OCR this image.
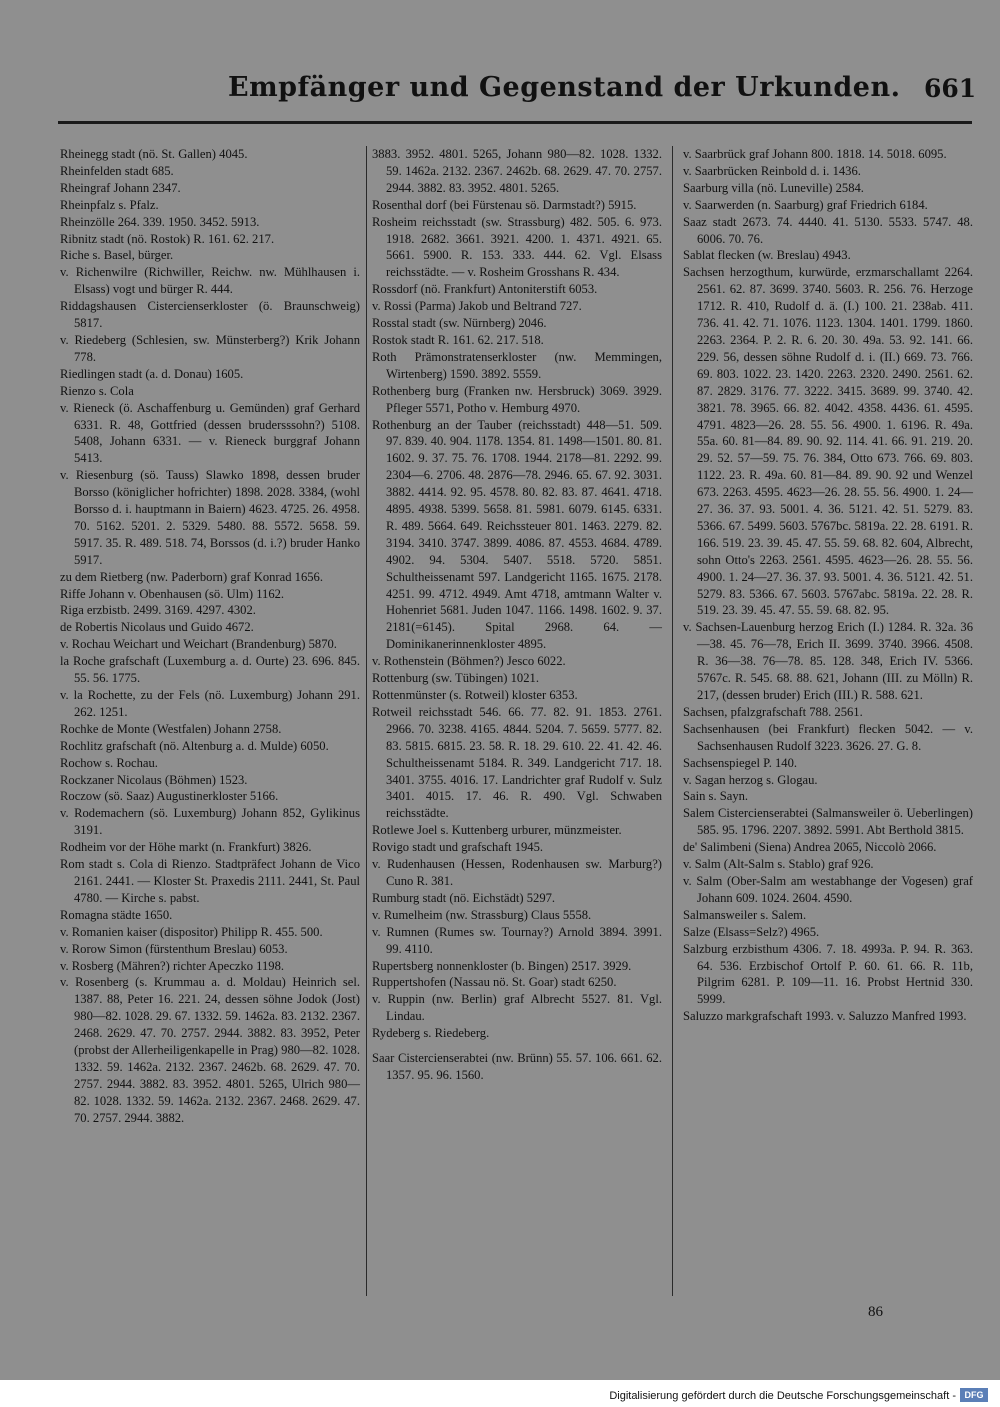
Empfänger und Gegenstand der Urkunden. 661
Rheinegg stadt (nö. St. Gallen) 4045.
Rheinfelden stadt 685.
Rheingraf Johann 2347.
Rheinpfalz s. Pfalz.
Rheinzölle 264. 339. 1950. 3452. 5913.
Ribnitz stadt (nö. Rostok) R. 161. 62. 217.
Riche s. Basel, bürger.
v. Richenwilre (Richwiller, Reichw. nw. Mühlhausen i. Elsass) vogt und bürger R. 444.
Riddagshausen Cistercienserkloster (ö. Braunschweig) 5817.
v. Riedeberg (Schlesien, sw. Münsterberg?) Krik Johann 778.
Riedlingen stadt (a. d. Donau) 1605.
Rienzo s. Cola
v. Rieneck (ö. Aschaffenburg u. Gemünden) graf Gerhard 6331. R. 48, Gottfried (dessen brudersssohn?) 5108. 5408, Johann 6331. — v. Rieneck burggraf Johann 5413.
v. Riesenburg (sö. Tauss) Slawko 1898, dessen bruder Borsso (königlicher hofrichter) 1898. 2028. 3384, (wohl Borsso d. i. hauptmann in Baiern) 4623. 4725. 26. 4958. 70. 5162. 5201. 2. 5329. 5480. 88. 5572. 5658. 59. 5917. 35. R. 489. 518. 74, Borssos (d. i.?) bruder Hanko 5917.
zu dem Rietberg (nw. Paderborn) graf Konrad 1656.
Riffe Johann v. Obenhausen (sö. Ulm) 1162.
Riga erzbistb. 2499. 3169. 4297. 4302.
de Robertis Nicolaus und Guido 4672.
v. Rochau Weichart und Weichart (Brandenburg) 5870.
la Roche grafschaft (Luxemburg a. d. Ourte) 23. 696. 845. 55. 56. 1775.
v. la Rochette, zu der Fels (nö. Luxemburg) Johann 291. 262. 1251.
Rochke de Monte (Westfalen) Johann 2758.
Rochlitz grafschaft (nö. Altenburg a. d. Mulde) 6050.
Rochow s. Rochau.
Rockzaner Nicolaus (Böhmen) 1523.
Roczow (sö. Saaz) Augustinerkloster 5166.
v. Rodemachern (sö. Luxemburg) Johann 852, Gylikinus 3191.
Rodheim vor der Höhe markt (n. Frankfurt) 3826.
Rom stadt s. Cola di Rienzo. Stadtpräfect Johann de Vico 2161. 2441. — Kloster St. Praxedis 2111. 2441, St. Paul 4780. — Kirche s. pabst.
Romagna städte 1650.
v. Romanien kaiser (dispositor) Philipp R. 455. 500.
v. Rorow Simon (fürstenthum Breslau) 6053.
v. Rosberg (Mähren?) richter Apeczko 1198.
v. Rosenberg (s. Krummau a. d. Moldau) Heinrich sel. 1387. 88, Peter 16. 221. 24, dessen söhne Jodok (Jost) 980—82. 1028. 29. 67. 1332. 59. 1462a. 83. 2132. 2367. 2468. 2629. 47. 70. 2757. 2944. 3882. 83. 3952, Peter (probst der Allerheiligenkapelle in Prag) 980—82. 1028. 1332. 59. 1462a. 2132. 2367. 2462b. 68. 2629. 47. 70. 2757. 2944. 3882. 83. 3952. 4801. 5265, Ulrich 980—82. 1028. 1332. 59. 1462a. 2132. 2367. 2468. 2629. 47. 70. 2757. 2944. 3882.
3883. 3952. 4801. 5265, Johann 980—82. 1028. 1332. 59. 1462a. 2132. 2367. 2462b. 68. 2629. 47. 70. 2757. 2944. 3882. 83. 3952. 4801. 5265.
Rosenthal dorf (bei Fürstenau sö. Darmstadt?) 5915.
Rosheim reichsstadt (sw. Strassburg) 482. 505. 6. 973. 1918. 2682. 3661. 3921. 4200. 1. 4371. 4921. 65. 5661. 5900. R. 153. 333. 444. 62. Vgl. Elsass reichsstädte. — v. Rosheim Grosshans R. 434.
Rossdorf (nö. Frankfurt) Antoniterstift 6053.
v. Rossi (Parma) Jakob und Beltrand 727.
Rosstal stadt (sw. Nürnberg) 2046.
Rostok stadt R. 161. 62. 217. 518.
Roth Prämonstratenserkloster (nw. Memmingen, Wirtenberg) 1590. 3892. 5559.
Rothenberg burg (Franken nw. Hersbruck) 3069. 3929. Pfleger 5571, Potho v. Hemburg 4970.
Rothenburg an der Tauber (reichsstadt) 448—51. 509. 97. 839. 40. 904. 1178. 1354. 81. 1498—1501. 80. 81. 1602. 9. 37. 75. 76. 1708. 1944. 2178—81. 2292. 99. 2304—6. 2706. 48. 2876—78. 2946. 65. 67. 92. 3031. 3882. 4414. 92. 95. 4578. 80. 82. 83. 87. 4641. 4718. 4895. 4938. 5399. 5658. 81. 5981. 6079. 6145. 6331. R. 489. 5664. 649. Reichssteuer 801. 1463. 2279. 82. 3194. 3410. 3747. 3899. 4086. 87. 4553. 4684. 4789. 4902. 94. 5304. 5407. 5518. 5720. 5851. Schultheissenamt 597. Landgericht 1165. 1675. 2178. 4251. 99. 4712. 4949. Amt 4718, amtmann Walter v. Hohenriet 5681. Juden 1047. 1166. 1498. 1602. 9. 37. 2181(=6145). Spital 2968. 64. — Dominikanerinnenkloster 4895.
v. Rothenstein (Böhmen?) Jesco 6022.
Rottenburg (sw. Tübingen) 1021.
Rottenmünster (s. Rotweil) kloster 6353.
Rotweil reichsstadt 546. 66. 77. 82. 91. 1853. 2761. 2966. 70. 3238. 4165. 4844. 5204. 7. 5659. 5777. 82. 83. 5815. 6815. 23. 58. R. 18. 29. 610. 22. 41. 42. 46. Schultheissenamt 5184. R. 349. Landgericht 717. 18. 3401. 3755. 4016. 17. Landrichter graf Rudolf v. Sulz 3401. 4015. 17. 46. R. 490. Vgl. Schwaben reichsstädte.
Rotlewe Joel s. Kuttenberg urburer, münzmeister.
Rovigo stadt und grafschaft 1945.
v. Rudenhausen (Hessen, Rodenhausen sw. Marburg?) Cuno R. 381.
Rumburg stadt (nö. Eichstädt) 5297.
v. Rumelheim (nw. Strassburg) Claus 5558.
v. Rumnen (Rumes sw. Tournay?) Arnold 3894. 3991. 99. 4110.
Rupertsberg nonnenkloster (b. Bingen) 2517. 3929.
Ruppertshofen (Nassau nö. St. Goar) stadt 6250.
v. Ruppin (nw. Berlin) graf Albrecht 5527. 81. Vgl. Lindau.
Rydeberg s. Riedeberg.
Saar Cistercienserabtei (nw. Brünn) 55. 57. 106. 661. 62. 1357. 95. 96. 1560.
v. Saarbrück graf Johann 800. 1818. 14. 5018. 6095.
v. Saarbrücken Reinbold d. i. 1436.
Saarburg villa (nö. Luneville) 2584.
v. Saarwerden (n. Saarburg) graf Friedrich 6184.
Saaz stadt 2673. 74. 4440. 41. 5130. 5533. 5747. 48. 6006. 70. 76.
Sablat flecken (w. Breslau) 4943.
Sachsen herzogthum, kurwürde, erzmarschallamt 2264. 2561. 62. 87. 3699. 3740. 5603. R. 256. 76. Herzoge 1712. R. 410, Rudolf d. ä. (I.) 100. 21. 238ab. 411. 736. 41. 42. 71. 1076. 1123. 1304. 1401. 1799. 1860. 2263. 2364. P. 2. R. 6. 20. 30. 49a. 53. 92. 141. 66. 229. 56, dessen söhne Rudolf d. i. (II.) 669. 73. 766. 69. 803. 1022. 23. 1420. 2263. 2320. 2490. 2561. 62. 87. 2829. 3176. 77. 3222. 3415. 3689. 99. 3740. 42. 3821. 78. 3965. 66. 82. 4042. 4358. 4436. 61. 4595. 4791. 4823—26. 28. 55. 56. 4900. 1. 6196. R. 49a. 55a. 60. 81—84. 89. 90. 92. 114. 41. 66. 91. 219. 20. 29. 52. 57—59. 75. 76. 384, Otto 673. 766. 69. 803. 1122. 23. R. 49a. 60. 81—84. 89. 90. 92 und Wenzel 673. 2263. 4595. 4623—26. 28. 55. 56. 4900. 1. 24—27. 36. 37. 93. 5001. 4. 36. 5121. 42. 51. 5279. 83. 5366. 67. 5499. 5603. 5767bc. 5819a. 22. 28. 6191. R. 166. 519. 23. 39. 45. 47. 55. 59. 68. 82. 604, Albrecht, sohn Otto's 2263. 2561. 4595. 4623—26. 28. 55. 56. 4900. 1. 24—27. 36. 37. 93. 5001. 4. 36. 5121. 42. 51. 5279. 83. 5366. 67. 5603. 5767abc. 5819a. 22. 28. R. 519. 23. 39. 45. 47. 55. 59. 68. 82. 95.
v. Sachsen-Lauenburg herzog Erich (I.) 1284. R. 32a. 36—38. 45. 76—78, Erich II. 3699. 3740. 3966. 4508. R. 36—38. 76—78. 85. 128. 348, Erich IV. 5366. 5767c. R. 545. 68. 88. 621, Johann (III. zu Mölln) R. 217, (dessen bruder) Erich (III.) R. 588. 621.
Sachsen, pfalzgrafschaft 788. 2561.
Sachsenhausen (bei Frankfurt) flecken 5042. — v. Sachsenhausen Rudolf 3223. 3626. 27. G. 8.
Sachsenspiegel P. 140.
v. Sagan herzog s. Glogau.
Sain s. Sayn.
Salem Cistercienserabtei (Salmansweiler ö. Ueberlingen) 585. 95. 1796. 2207. 3892. 5991. Abt Berthold 3815.
de' Salimbeni (Siena) Andrea 2065, Niccolò 2066.
v. Salm (Alt-Salm s. Stablo) graf 926.
v. Salm (Ober-Salm am westabhange der Vogesen) graf Johann 609. 1024. 2604. 4590.
Salmansweiler s. Salem.
Salze (Elsass=Selz?) 4965.
Salzburg erzbisthum 4306. 7. 18. 4993a. P. 94. R. 363. 64. 536. Erzbischof Ortolf P. 60. 61. 66. R. 11b, Pilgrim 6281. P. 109—11. 16. Probst Hertnid 330. 5999.
Saluzzo markgrafschaft 1993. v. Saluzzo Manfred 1993.
86
Digitalisierung gefördert durch die Deutsche Forschungsgemeinschaft - DFG
